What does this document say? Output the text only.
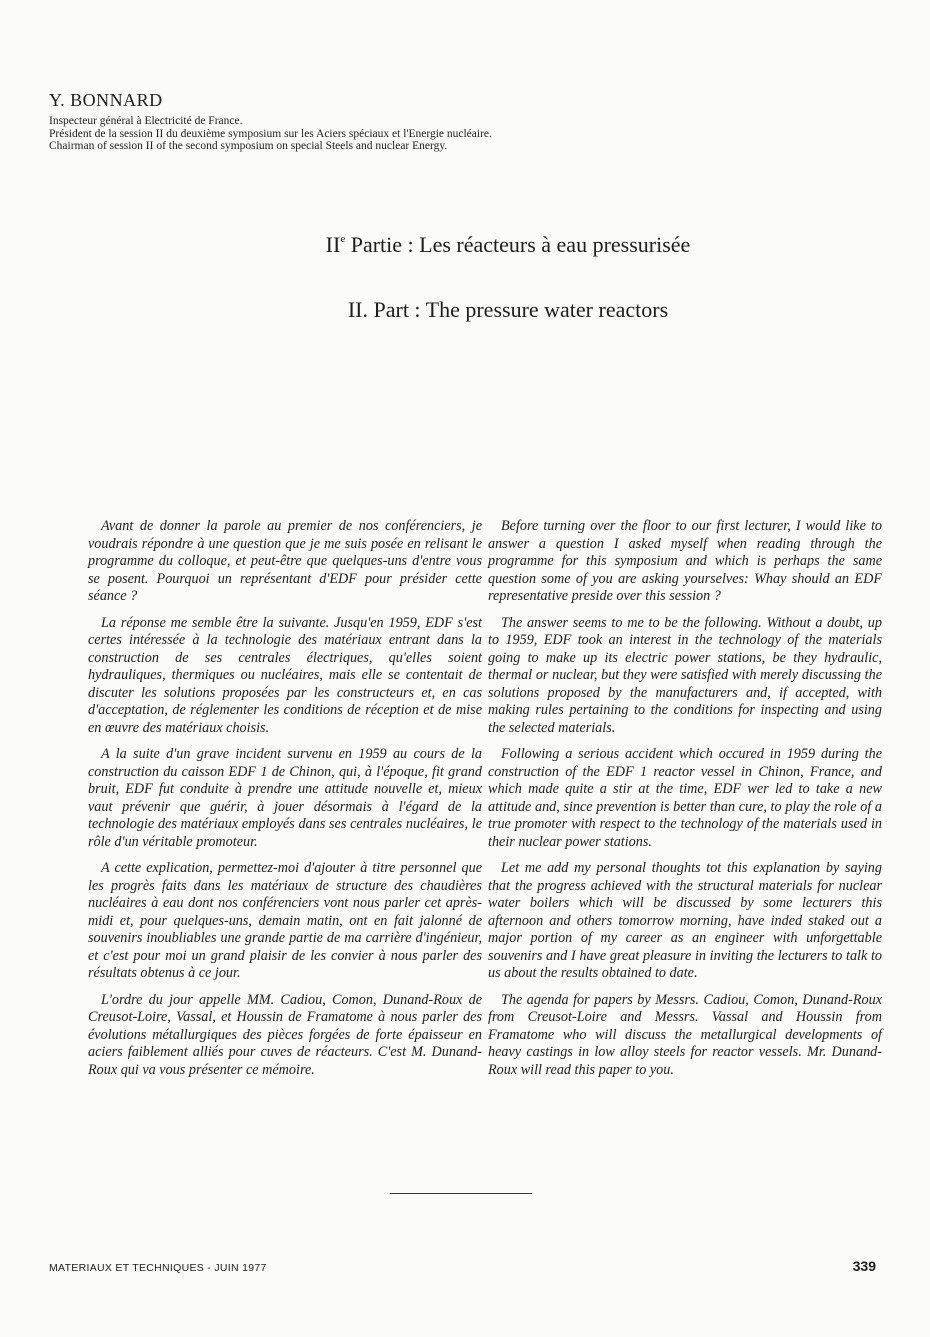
Y. BONNARD
Inspecteur général à Electricité de France.
Président de la session II du deuxième symposium sur les Aciers spéciaux et l'Energie nucléaire.
Chairman of session II of the second symposium on special Steels and nuclear Energy.
IIe Partie : Les réacteurs à eau pressurisée
II. Part : The pressure water reactors

Avant de donner la parole au premier de nos conférenciers, je voudrais répondre à une question que je me suis posée en relisant le programme du colloque, et peut-être que quelques-uns d'entre vous se posent. Pourquoi un représentant d'EDF pour présider cette séance ?

La réponse me semble être la suivante. Jusqu'en 1959, EDF s'est certes intéressée à la technologie des matériaux entrant dans la construction de ses centrales électriques, qu'elles soient hydrauliques, thermiques ou nucléaires, mais elle se contentait de discuter les solutions proposées par les constructeurs et, en cas d'acceptation, de réglementer les conditions de réception et de mise en œuvre des matériaux choisis.

A la suite d'un grave incident survenu en 1959 au cours de la construction du caisson EDF 1 de Chinon, qui, à l'époque, fit grand bruit, EDF fut conduite à prendre une attitude nouvelle et, mieux vaut prévenir que guérir, à jouer désormais à l'égard de la technologie des matériaux employés dans ses centrales nucléaires, le rôle d'un véritable promoteur.

A cette explication, permettez-moi d'ajouter à titre personnel que les progrès faits dans les matériaux de structure des chaudières nucléaires à eau dont nos conférenciers vont nous parler cet après-midi et, pour quelques-uns, demain matin, ont en fait jalonné de souvenirs inoubliables une grande partie de ma carrière d'ingénieur, et c'est pour moi un grand plaisir de les convier à nous parler des résultats obtenus à ce jour.

L'ordre du jour appelle MM. Cadiou, Comon, Dunand-Roux de Creusot-Loire, Vassal, et Houssin de Framatome à nous parler des évolutions métallurgiques des pièces forgées de forte épaisseur en aciers faiblement alliés pour cuves de réacteurs. C'est M. Dunand-Roux qui va vous présenter ce mémoire.

Before turning over the floor to our first lecturer, I would like to answer a question I asked myself when reading through the programme for this symposium and which is perhaps the same question some of you are asking yourselves: Whay should an EDF representative preside over this session ?

The answer seems to me to be the following. Without a doubt, up to 1959, EDF took an interest in the technology of the materials going to make up its electric power stations, be they hydraulic, thermal or nuclear, but they were satisfied with merely discussing the solutions proposed by the manufacturers and, if accepted, with making rules pertaining to the conditions for inspecting and using the selected materials.

Following a serious accident which occured in 1959 during the construction of the EDF 1 reactor vessel in Chinon, France, and which made quite a stir at the time, EDF wer led to take a new attitude and, since prevention is better than cure, to play the role of a true promoter with respect to the technology of the materials used in their nuclear power stations.

Let me add my personal thoughts tot this explanation by saying that the progress achieved with the structural materials for nuclear water boilers which will be discussed by some lecturers this afternoon and others tomorrow morning, have inded staked out a major portion of my career as an engineer with unforgettable souvenirs and I have great pleasure in inviting the lecturers to talk to us about the results obtained to date.

The agenda for papers by Messrs. Cadiou, Comon, Dunand-Roux from Creusot-Loire and Messrs. Vassal and Houssin from Framatome who will discuss the metallurgical developments of heavy castings in low alloy steels for reactor vessels. Mr. Dunand-Roux will read this paper to you.

MATERIAUX ET TECHNIQUES - JUIN 1977	339
